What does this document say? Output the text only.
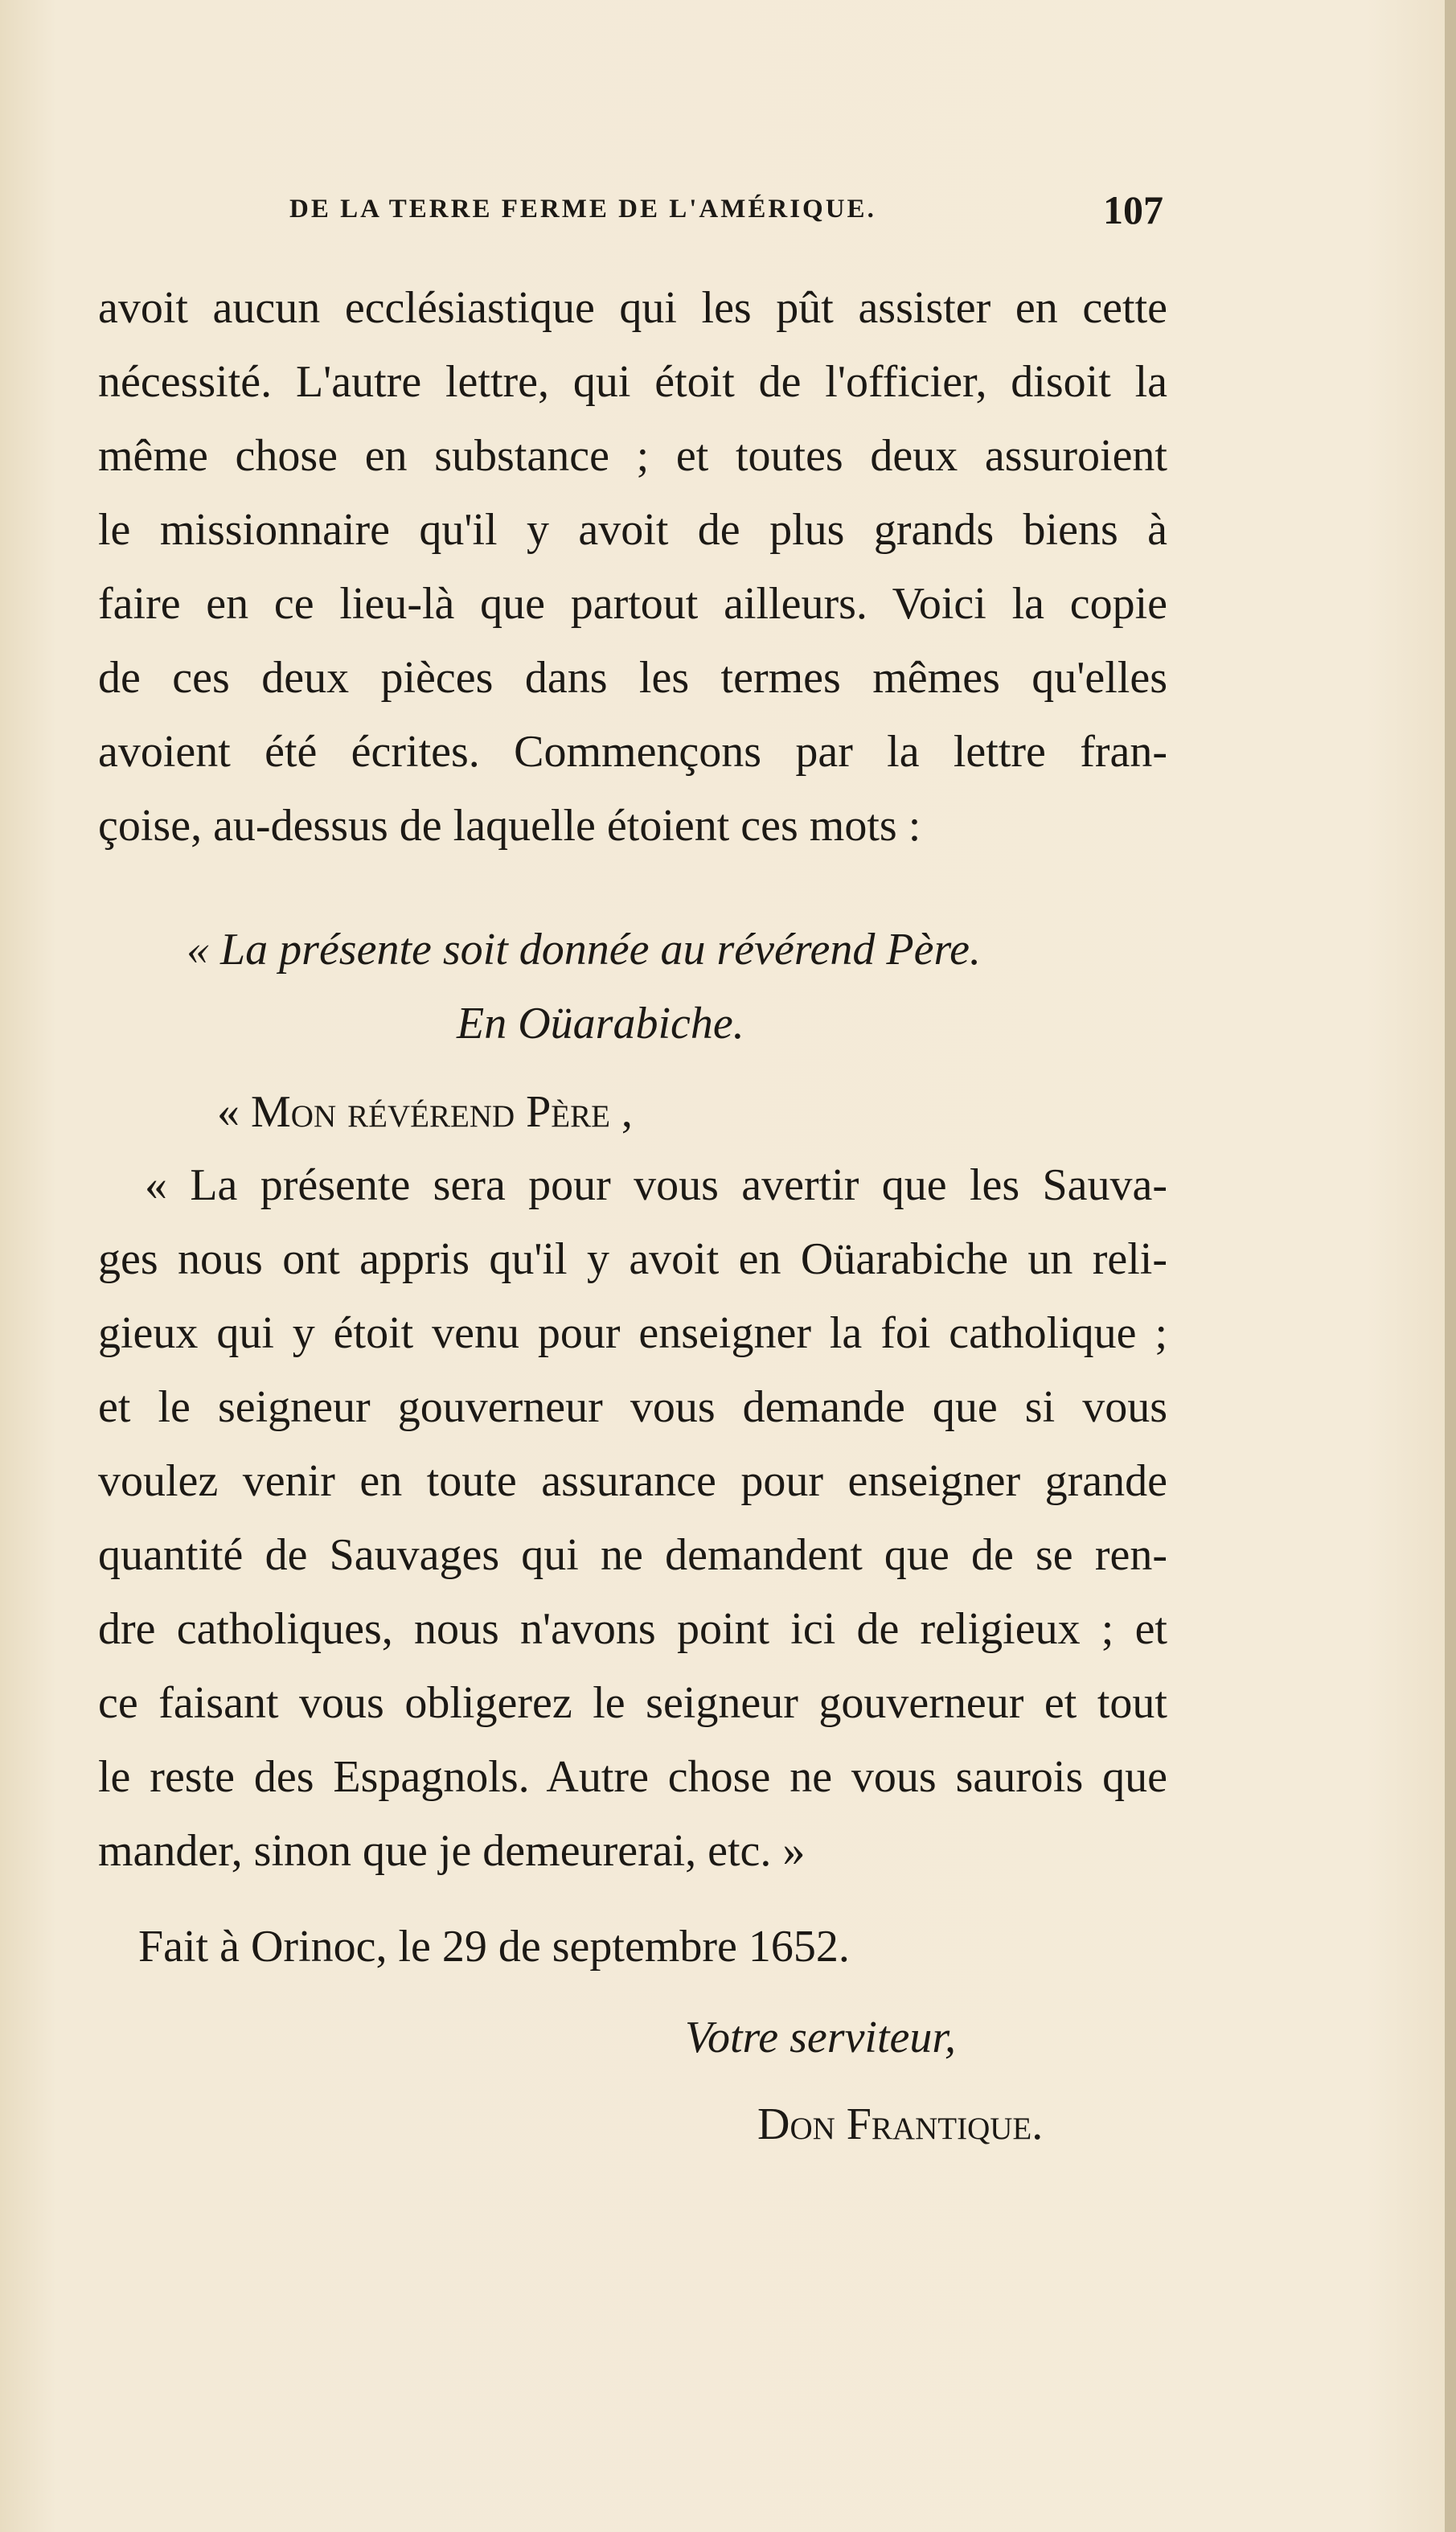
DE LA TERRE FERME DE L'AMÉRIQUE.	107
avoit aucun ecclésiastique qui les pût assister en cette
nécessité. L'autre lettre, qui étoit de l'officier, disoit la
même chose en substance ; et toutes deux assuroient
le missionnaire qu'il y avoit de plus grands biens à
faire en ce lieu-là que partout ailleurs. Voici la copie
de ces deux pièces dans les termes mêmes qu'elles
avoient été écrites. Commençons par la lettre fran-
çoise, au-dessus de laquelle étoient ces mots :
« La présente soit donnée au révérend Père.
En Oüarabiche.
« Mon révérend Père ,
« La présente sera pour vous avertir que les Sauva-
ges nous ont appris qu'il y avoit en Oüarabiche un reli-
gieux qui y étoit venu pour enseigner la foi catholique ;
et le seigneur gouverneur vous demande que si vous
voulez venir en toute assurance pour enseigner grande
quantité de Sauvages qui ne demandent que de se ren-
dre catholiques, nous n'avons point ici de religieux ; et
ce faisant vous obligerez le seigneur gouverneur et tout
le reste des Espagnols. Autre chose ne vous saurois que
mander, sinon que je demeurerai, etc. »
Fait à Orinoc, le 29 de septembre 1652.
Votre serviteur,
Don Frantique.
